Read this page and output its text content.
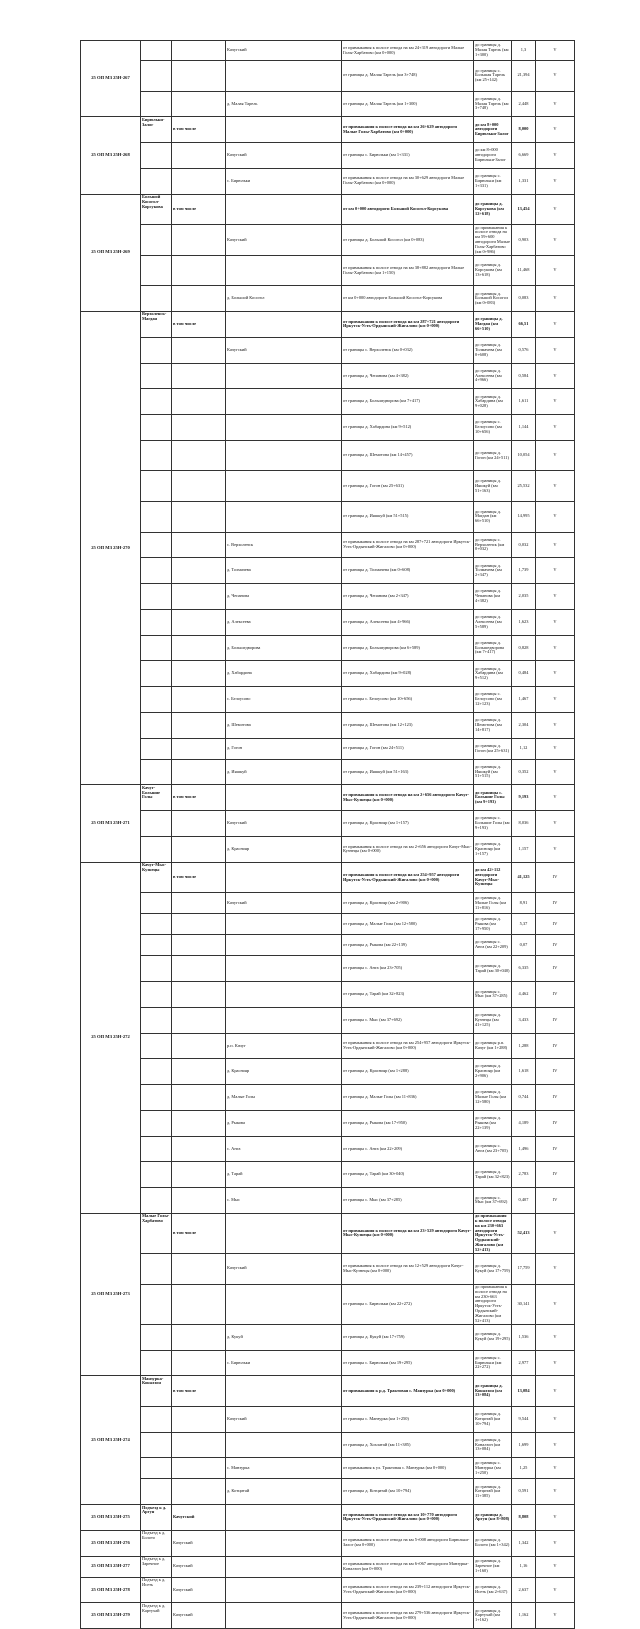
25 ОП МЗ 25Н-267			Качугский	от примыкания к полосе отвода на км 24+319 автодороги Малые Голы-Харбатово (км 0+000)	до границы д. Малая Тарель (км 1+300)	1,3	V	
				от границы д. Малая Тарель (км 3+748)	до границы с. Большая Тарель (км 25+142)	21,394	V	
			д. Малая Тарель	от границы д. Малая Тарель (км 1+300)	до границы д. Малая Тарель (км 3+748)	2,448	V	
25 ОП МЗ 25Н-268	Бирюльки-Залог	в том числе		от примыкания к полосе отвода на км 26+629 автодороги Малые Голы-Харбатово (км 0+000)	до км 8+000 автодороги Бирюльки-Залог	8,000	V	
			Качугский	от границы с. Бирюльки (км 1+331)	до км 8+000 автодороги Бирюльки-Залог	6,669	V	
			с. Бирюльки	от примыкания к полосе отвода на км 30+629 автодороги Малые Голы-Харбатово (км 0+000)	до границы с. Бирюльки (км 1+331)	1,331	V	
25 ОП МЗ 25Н-269	Большой Косогол-Корсукова	в том числе		от км 0+000 автодороги Большой Косогол-Корсукова	до границы д. Корсукова (км 12+618)	13,454	V	
			Качугский	от границы д. Большой Косогол (км 0+083)	до примыкания к полосе отвода на км 59+600 автодороги Малые Голы-Харбатово (км 0+986)	0,903	V	
				от примыкания к полосе отвода на км 38+882 автодороги Малые Голы-Харбатово (км 1+150)	до границы д. Корсукова (км 13+618)	11,468	V	
			д. Большой Косогол	от км 0+000 автодороги Большой Косогол-Корсукова	до границы д. Большой Косогол (км 0+083)	0,083	V	
25 ОП МЗ 25Н-270	Верхоленск-Магдан	в том числе		от примыкания к полосе отвода на км 287+721 автодороги Иркутск-Усть-Ордынский-Жигалово (км 0+000)	до границы д. Магдан (км 66+510)	66,51	V	
			Качугский	от границы с. Верхоленск (км 0+032)	до границы д. Толмачева (км 0+608)	0,576	V	
				от границы д. Чепанова (км 4+382)	до границы д. Алексеева (км 4+966)	0,584	V	
				от границы д. Большедворова (км 7+417)	до границы д. Хабардина (км 9+028)	1,611	V	
				от границы д. Хабардина (км 9+512)	до границы с. Белоусово (км 10+656)	1,144	V	
				от границы д. Шемотова (км 14+457)	до границы д. Гогон (км 24+511)	10,054	V	
				от границы д. Гогон (км 25+631)	до границы д. Ияшкуй (км 51+163)	25,532	V	
				от границы д. Ияшкуй (км 51+515)	до границы д. Магдан (км 66+510)	14,995	V	
			с. Верхоленск	от примыкания к полосе отвода на км 287+721 автодороги Иркутск-Усть-Ордынский-Жигалово (км 0+000)	до границы с. Верхоленск (км 0+032)	0,032	V	
			д. Толмачева	от границы д. Толмачева (км 0+608)	до границы д. Толмачева (км 2+347)	1,739	V	
			д. Чепанова	от границы д. Чепанова (км 2+347)	до границы д. Чепанова (км 4+382)	2,035	V	
			д. Алексеева	от границы д. Алексеева (км 4+966)	до границы д. Алексеева (км 5+589)	1,623	V	
			д. Большедворова	от границы д. Большедворова (км 6+589)	до границы д. Большедворова (км 7+417)	0,828	V	
			д. Хабардина	от границы д. Хабардина (км 9+028)	до границы д. Хабардина (км 9+512)	0,484	V	
			с. Белоусово	от границы с. Белоусово (км 10+656)	до границы с. Белоусово (км 12+123)	1,467	V	
			д. Шемотова	от границы д. Шемотова (км 12+123)	до границы д. Шемотова (км 14+817)	2,304	V	
			д. Гогон	от границы д. Гогон (км 24+511)	до границы д. Гогон (км 25+631)	1,12	V	
			д. Ияшкуй	от границы д. Ияшкуй (км 51+163)	до границы д. Ияшкуй (км 51+515)	0,352	V	
25 ОП МЗ 25Н-271	Качуг-Большие Голы	в том числе		от примыкания к полосе отвода на км 2+656 автодороги Качуг-Мыс-Кузнецы (км 0+000)	до границы с. Большие Голы (км 9+193)	9,193	V	
			Качугский	от границы д. Краснояр (км 1+157)	до границы с. Большие Голы (км 9+193)	8,036	V	
			д. Краснояр	от примыкания к полосе отвода на км 2+656 автодороги Качуг-Мыс-Кузнецы (км 0+000)	до границы д. Краснояр (км 1+157)	1,157	V	
25 ОП МЗ 25Н-272	Качуг-Мыс-Кузнецы	в том числе		от примыкания к полосе отвода на км 254+957 автодороги Иркутск-Усть-Ордынский-Жигалово (км 0+000)	до км 42+112 автодороги Качуг-Мыс-Кузнецы	41,125	IV	
			Качугский	от границы д. Краснояр (км 2+906)	до границы д. Малые Голы (км 11+816)	8,91	IV	
				от границы д. Малые Голы (км 12+580)	до границы д. Рыкова (км 17+950)	5,37	IV	
				от границы д. Рыкова (км 22+139)	до границы с. Анга (км 22+209)	0,07	IV	
				от границы с. Анга (км 23+705)	до границы д. Тарай (км 30+040)	6,335	IV	
				от границы д. Тарай (км 32+823)	до границы с. Мыс (км 37+285)	4,462	IV	
				от границы с. Мыс (км 37+692)	до границы д. Кузнецы (км 41+125)	3,433	IV	
			р.п. Качуг	от примыкания к полосе отвода на км 254+957 автодороги Иркутск-Усть-Ордынский-Жигалово (км 0+000)	до границы р.п. Качуг (км 1+288)	1,288	IV	
			д. Краснояр	от границы д. Краснояр (км 1+288)	до границы д. Краснояр (км 2+906)	1,618	IV	
			д. Малые Голы	от границы д. Малые Голы (км 11+836)	до границы д. Малые Голы (км 12+580)	0,744	IV	
			д. Рыкова	от границы д. Рыкова (км 17+950)	до границы д. Рыкова (км 22+139)	4,189	IV	
			с. Анга	от границы с. Анга (км 22+209)	до границы с. Анга (км 23+705)	1,496	IV	
			д. Тарай	от границы д. Тарай (км 30+040)	до границы д. Тарай (км 32+823)	2,783	IV	
			с. Мыс	от границы с. Мыс (км 37+285)	до границы с. Мыс (км 37+692)	0,407	IV	
25 ОП МЗ 25Н-273	Малые Голы-Харбатово	в том числе		от примыкания к полосе отвода на км 23+529 автодороги Качуг-Мыс-Кузнецы (км 0+000)	до примыкания к полосе отвода на км 230+663 автодороги Иркутск-Усть-Ордынский-Жигалово (км 52+413)	52,413	V	
			Качугский	от примыкания к полосе отвода на км 12+529 автодороги Качуг-Мыс-Кузнецы (км 0+000)	до границы д. Кукуй (км 17+759)	17,759	V	
				от границы с. Бирюльки (км 22+272)	до примыкания к полосе отвода на км 230+663 автодороги Иркутск-Усть-Ордынский-Жигалово (км 52+413)	30,141	V	
			д. Кукуй	от границы д. Кукуй (км 17+759)	до границы д. Кукуй (км 19+295)	1,536	V	
			с. Бирюльки	от границы с. Бирюльки (км 19+295)	до границы с. Бирюльки (км 22+272)	2,977	V	
25 ОП МЗ 25Н-274	Манзурка-Коналзон	в том числе		от примыкания к р.д. Трактовая с. Манзурка (км 0+000)	до границы д. Коналзон (км 13+084)	13,084	V	
			Качугский	от границы с. Манзурка (км 1+250)	до границы д. Котцитай (км 10+794)	9,544	V	
				от границы д. Хохлатай (км 11+385)	до границы д. Коналзон (км 13+084)	1,699	V	
			с. Манзурка	от примыкания к ул. Трактовая с. Манзурка (км 0+000)	до границы с. Манзурка (км 1+250)	1,25	V	
			д. Котцитай	от границы д. Котцитай (км 10+794)	до границы д. Котцитай (км 11+385)	0,591	V	
25 ОП МЗ 25Н-275	Подъезд к д. Аргун	Качугский		от примыкания к полосе отвода на км 10+770 автодороги Иркутск-Усть-Ордынский-Жигалово (км 0+000)	до границы д. Аргун (км 8+808)	8,808	V	
25 ОП МЗ 25Н-276	Подъезд к д. Болото	Качугский		от примыкания к полосе отвода на км 5+008 автодороги Бирюльки-Залог (км 0+000)	до границы д. Болото (км 1+342)	1,342	V	
25 ОП МЗ 25Н-277	Подъезд к д. Заречное	Качугский		от примыкания к полосе отвода на км 6+067 автодороги Манзурка-Коналзон (км 0+000)	до границы д. Заречное (км 1+160)	1,16	V	
25 ОП МЗ 25Н-278	Подъезд к д. Исеть	Качугский		от примыкания к полосе отвода на км 239+112 автодороги Иркутск-Усть-Ордынский-Жигалово (км 0+000)	до границы д. Исеть (км 2+637)	2,637	V	
25 ОП МЗ 25Н-279	Подъезд к д. Картухай	Качугский		от примыкания к полосе отвода на км 279+536 автодороги Иркутск-Усть-Ордынский-Жигалово (км 0+000)	до границы д. Картухай (км 1+162)	1,162	V	
